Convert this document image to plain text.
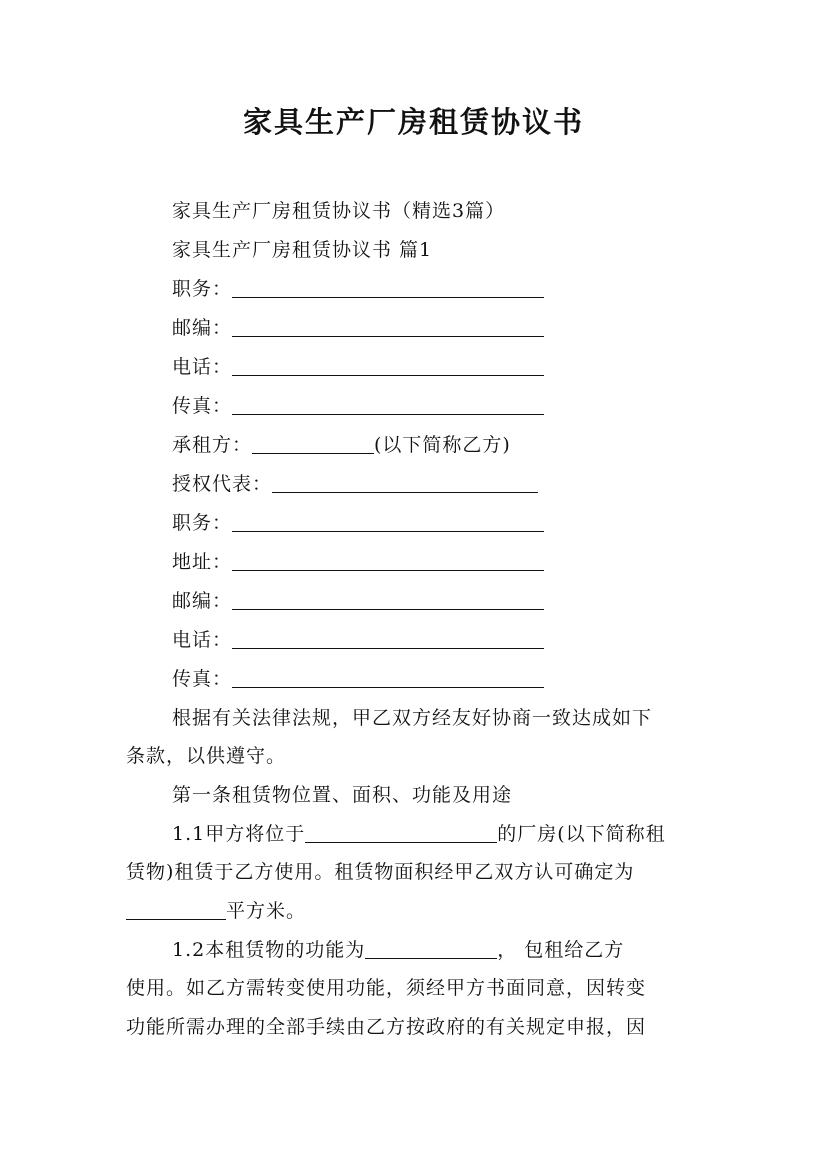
家具生产厂房租赁协议书
家具生产厂房租赁协议书（精选3篇）
家具生产厂房租赁协议书 篇1
职务：
邮编：
电话：
传真：
承租方：	(以下简称乙方)
授权代表：
职务：
地址：
邮编：
电话：
传真：
根据有关法律法规，甲乙双方经友好协商一致达成如下
条款，以供遵守。
第一条租赁物位置、面积、功能及用途
1.1甲方将位于	的厂房(以下简称租
赁物)租赁于乙方使用。租赁物面积经甲乙双方认可确定为
平方米。
1.2本租赁物的功能为	， 包租给乙方
使用。如乙方需转变使用功能，须经甲方书面同意，因转变
功能所需办理的全部手续由乙方按政府的有关规定申报，因
